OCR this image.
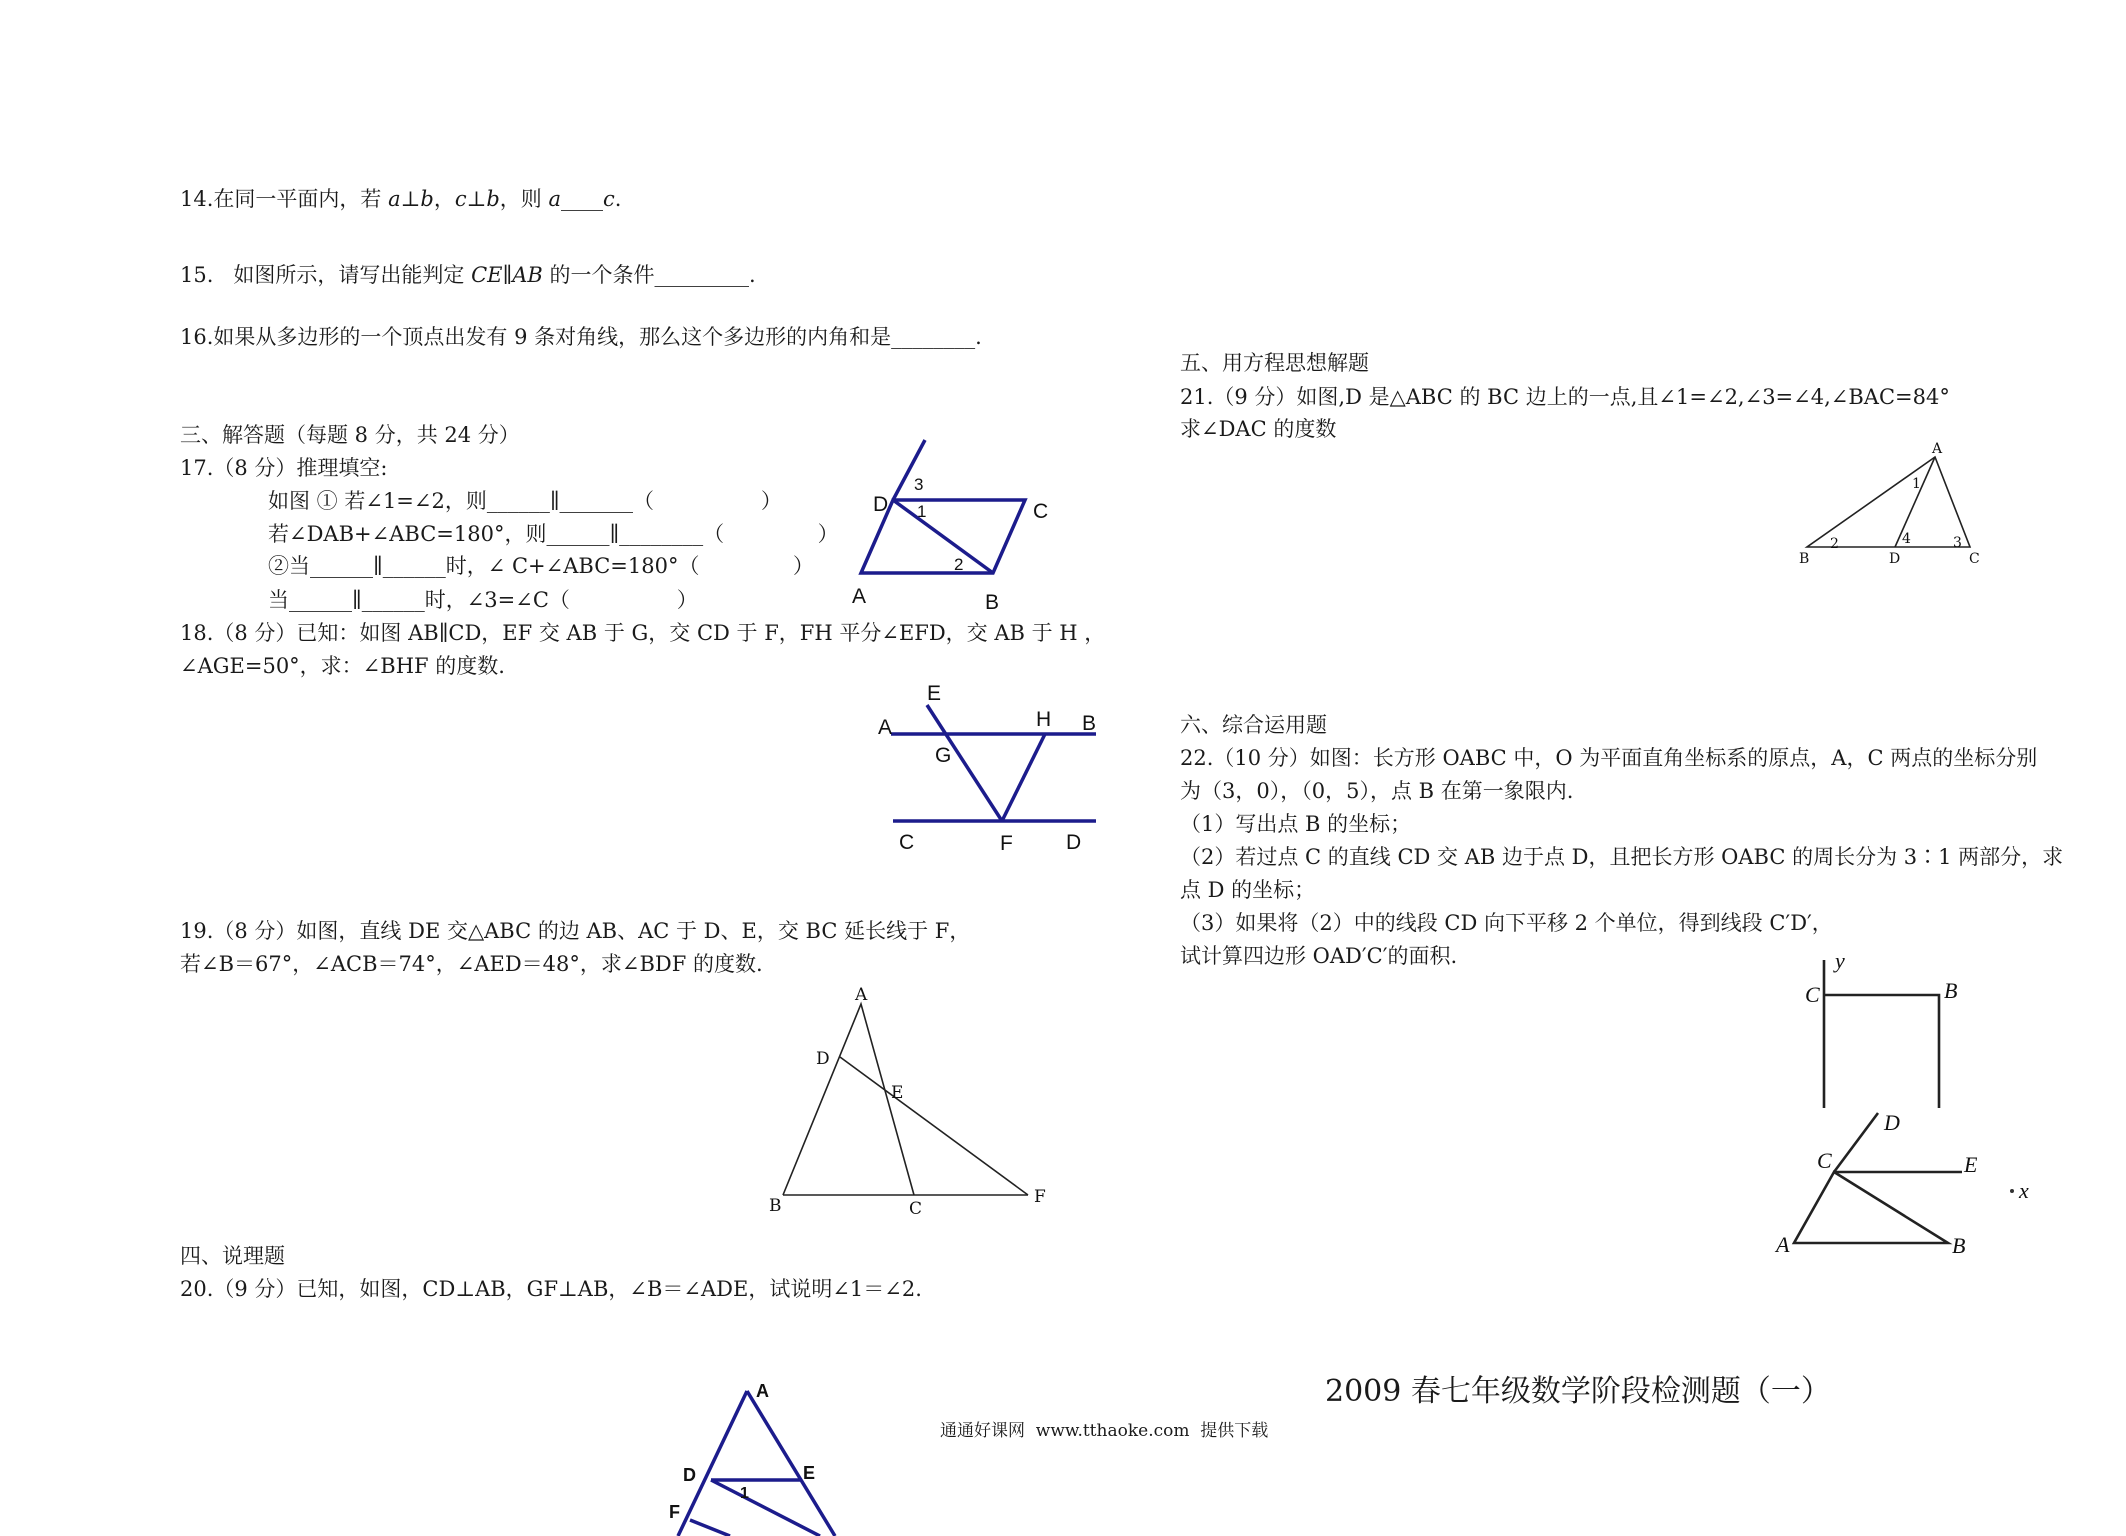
14.在同一平面内，若 a⊥b，c⊥b，则 a____c.
15.   如图所示，请写出能判定 CE∥AB 的一个条件_________.
16.如果从多边形的一个顶点出发有 9 条对角线，那么这个多边形的内角和是________.
三、解答题（每题 8 分，共 24 分）
17.（8 分）推理填空:
如图 ① 若∠1=∠2，则______∥_______（                ）
若∠DAB+∠ABC=180°，则______∥________（              ）
②当______∥______时，∠ C+∠ABC=180°（              ）
当______∥______时，∠3=∠C（                ）
18.（8 分）已知：如图 AB∥CD，EF 交 AB 于 G，交 CD 于 F，FH 平分∠EFD，交 AB 于 H ，
∠AGE=50°，求：∠BHF 的度数.
19.（8 分）如图，直线 DE 交△ABC 的边 AB、AC 于 D、E，交 BC 延长线于 F，
若∠B＝67°，∠ACB＝74°，∠AED＝48°，求∠BDF 的度数.
四、说理题
20.（9 分）已知，如图，CD⊥AB，GF⊥AB，∠B＝∠ADE，试说明∠1＝∠2.
五、用方程思想解题
21.（9 分）如图,D 是△ABC 的 BC 边上的一点,且∠1=∠2,∠3=∠4,∠BAC=84°
求∠DAC 的度数
六、综合运用题
22.（10 分）如图：长方形 OABC 中，O 为平面直角坐标系的原点，A，C 两点的坐标分别
为（3，0），（0，5），点 B 在第一象限内.
（1）写出点 B 的坐标；
（2）若过点 C 的直线 CD 交 AB 边于点 D，且把长方形 OABC 的周长分为 3∶1 两部分，求
点 D 的坐标；
（3）如果将（2）中的线段 CD 向下平移 2 个单位，得到线段 C′D′，
试计算四边形 OAD′C′的面积.
2009 春七年级数学阶段检测题（一）
通通好课网  www.tthaoke.com  提供下载
D	C
A	B
1
2
3
E
A	H B
G
C	F	D
A
D
E
B	C
F
A
D	E
F
1
A
B	D	C
1
2	3
4
y
C	B
D
C	E
A	B
x
